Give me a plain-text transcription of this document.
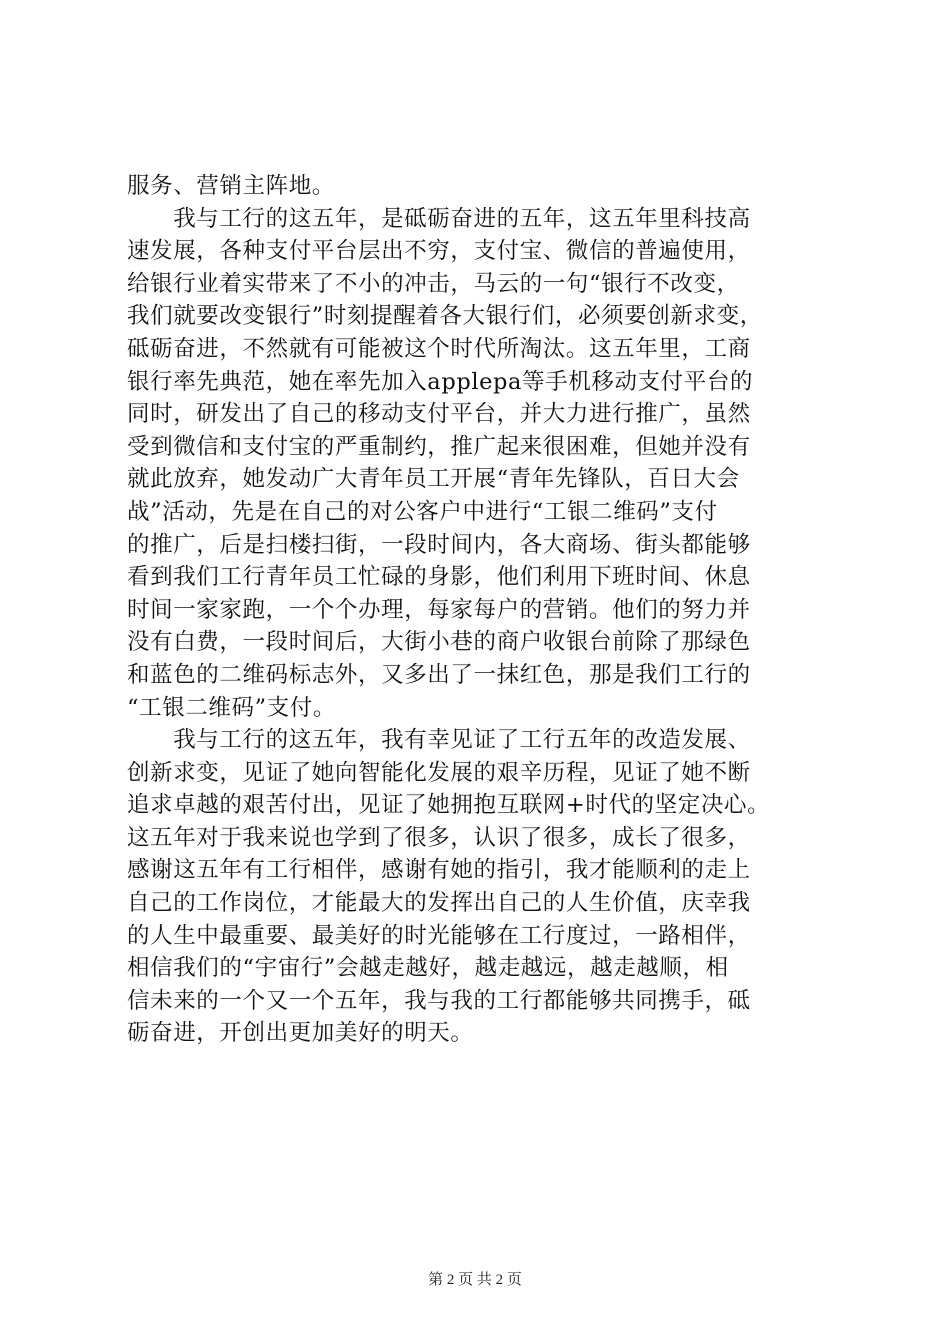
服务、营销主阵地。
　　我与工行的这五年，是砥砺奋进的五年，这五年里科技高
速发展，各种支付平台层出不穷，支付宝、微信的普遍使用，
给银行业着实带来了不小的冲击，马云的一句“银行不改变，
我们就要改变银行”时刻提醒着各大银行们，必须要创新求变，
砥砺奋进，不然就有可能被这个时代所淘汰。这五年里，工商
银行率先典范，她在率先加入applepa等手机移动支付平台的
同时，研发出了自己的移动支付平台，并大力进行推广，虽然
受到微信和支付宝的严重制约，推广起来很困难，但她并没有
就此放弃，她发动广大青年员工开展“青年先锋队，百日大会
战”活动，先是在自己的对公客户中进行“工银二维码”支付
的推广，后是扫楼扫街，一段时间内，各大商场、街头都能够
看到我们工行青年员工忙碌的身影，他们利用下班时间、休息
时间一家家跑，一个个办理，每家每户的营销。他们的努力并
没有白费，一段时间后，大街小巷的商户收银台前除了那绿色
和蓝色的二维码标志外，又多出了一抹红色，那是我们工行的
“工银二维码”支付。
　　我与工行的这五年，我有幸见证了工行五年的改造发展、
创新求变，见证了她向智能化发展的艰辛历程，见证了她不断
追求卓越的艰苦付出，见证了她拥抱互联网+时代的坚定决心。
这五年对于我来说也学到了很多，认识了很多，成长了很多，
感谢这五年有工行相伴，感谢有她的指引，我才能顺利的走上
自己的工作岗位，才能最大的发挥出自己的人生价值，庆幸我
的人生中最重要、最美好的时光能够在工行度过，一路相伴，
相信我们的“宇宙行”会越走越好，越走越远，越走越顺，相
信未来的一个又一个五年，我与我的工行都能够共同携手，砥
砺奋进，开创出更加美好的明天。
第 2 页 共 2 页
